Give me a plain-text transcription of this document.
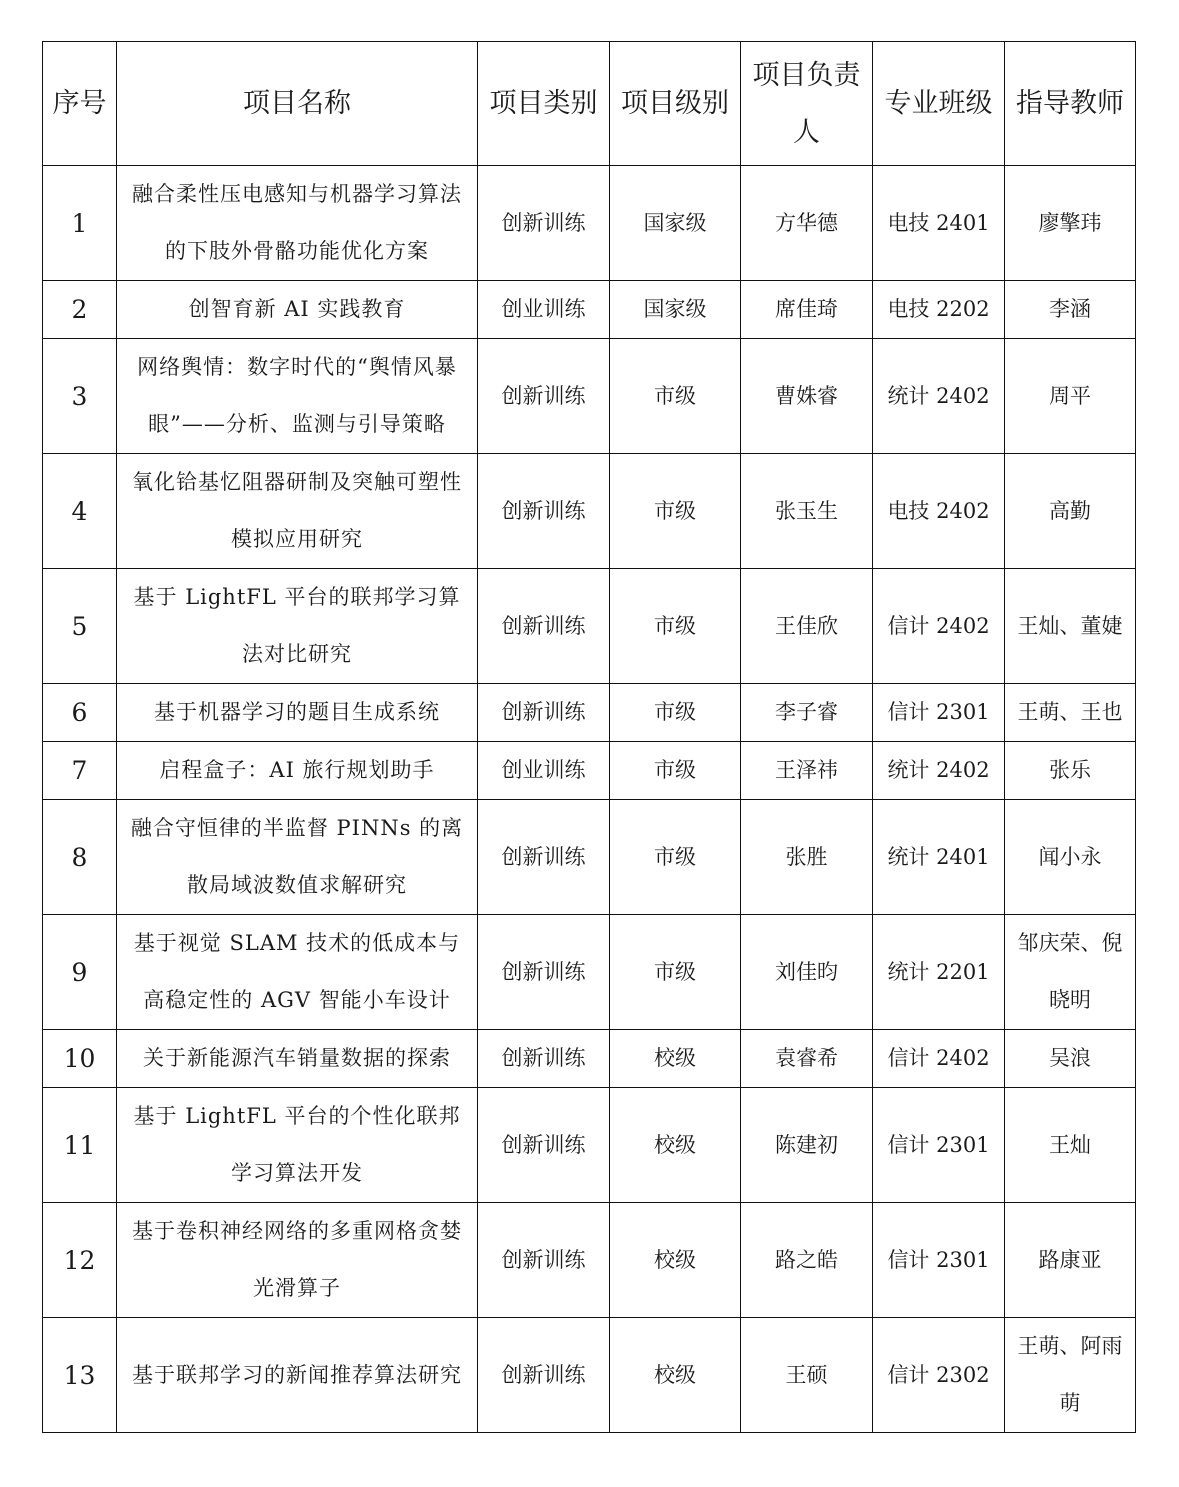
序号	项目名称	项目类别	项目级别	项目负责人	专业班级	指导教师

1	融合柔性压电感知与机器学习算法的下肢外骨骼功能优化方案	创新训练	国家级	方华德	电技 2401	廖擎玮
2	创智育新 AI 实践教育	创业训练	国家级	席佳琦	电技 2202	李涵
3	网络舆情：数字时代的“舆情风暴眼”——分析、监测与引导策略	创新训练	市级	曹姝睿	统计 2402	周平
4	氧化铪基忆阻器研制及突触可塑性模拟应用研究	创新训练	市级	张玉生	电技 2402	高勤
5	基于 LightFL 平台的联邦学习算法对比研究	创新训练	市级	王佳欣	信计 2402	王灿、董婕
6	基于机器学习的题目生成系统	创新训练	市级	李子睿	信计 2301	王萌、王也
7	启程盒子：AI 旅行规划助手	创业训练	市级	王泽祎	统计 2402	张乐
8	融合守恒律的半监督 PINNs 的离散局域波数值求解研究	创新训练	市级	张胜	统计 2401	闻小永
9	基于视觉 SLAM 技术的低成本与高稳定性的 AGV 智能小车设计	创新训练	市级	刘佳昀	统计 2201	邹庆荣、倪晓明
10	关于新能源汽车销量数据的探索	创新训练	校级	袁睿希	信计 2402	吴浪
11	基于 LightFL 平台的个性化联邦学习算法开发	创新训练	校级	陈建初	信计 2301	王灿
12	基于卷积神经网络的多重网格贪婪光滑算子	创新训练	校级	路之皓	信计 2301	路康亚
13	基于联邦学习的新闻推荐算法研究	创新训练	校级	王硕	信计 2302	王萌、阿雨萌
